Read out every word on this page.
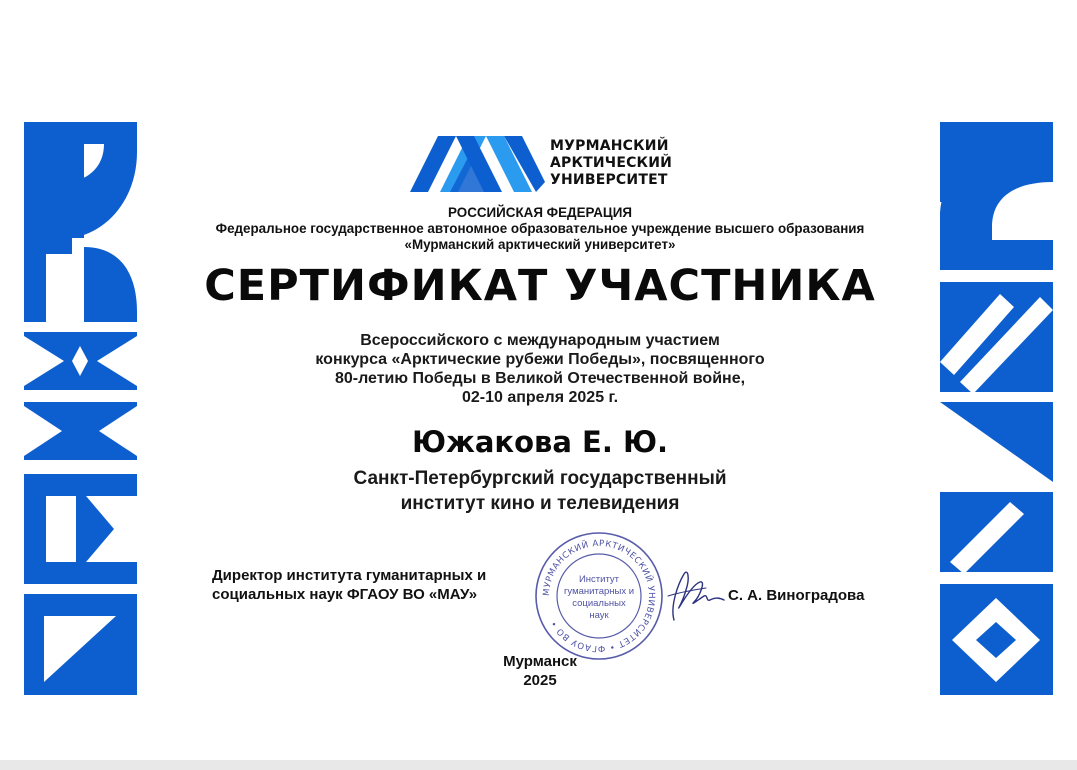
МУРМАНСКИЙ
АРКТИЧЕСКИЙ
УНИВЕРСИТЕТ
РОССИЙСКАЯ ФЕДЕРАЦИЯ
Федеральное государственное автономное образовательное учреждение высшего образования
«Мурманский арктический университет»
СЕРТИФИКАТ УЧАСТНИКА
Всероссийского с международным участием
конкурса «Арктические рубежи Победы», посвященного
80-летию Победы в Великой Отечественной войне,
02-10 апреля 2025 г.
Южакова Е. Ю.
Санкт-Петербургский государственный
институт кино и телевидения
Директор института гуманитарных и
социальных наук ФГАОУ ВО «МАУ»	МУРМАНСКИЙ АРКТИЧЕСКИЙ УНИВЕРСИТЕТ • ФГАОУ ВО •
Институт
гуманитарных и
социальных
наук
С. А. Виноградова
Мурманск
2025
